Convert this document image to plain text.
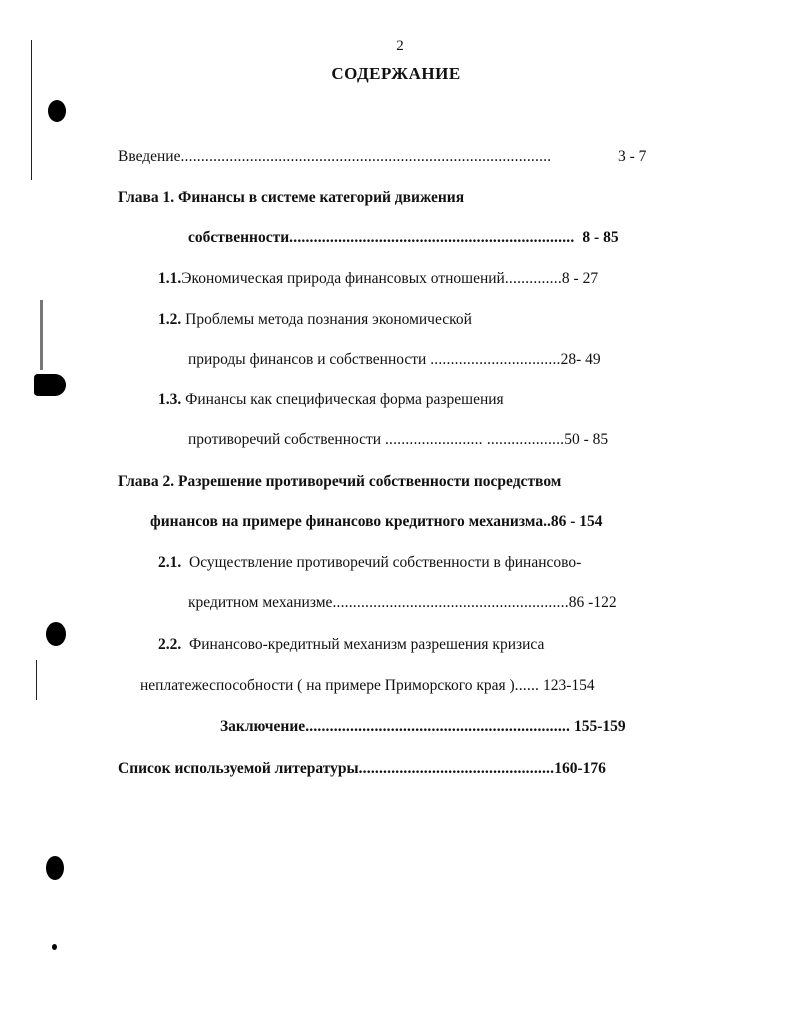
2
СОДЕРЖАНИЕ
Введение...........................................................................................	3 - 7
Глава 1. Финансы в системе категорий движения
собственности...................................................................... 8 - 85
1.1.Экономическая природа финансовых отношений..............8 - 27
1.2. Проблемы метода познания экономической
природы финансов и собственности ................................28- 49
1.3. Финансы как специфическая форма разрешения
противоречий собственности ........................ ...................50 - 85
Глава 2. Разрешение противоречий собственности посредством
финансов на примере финансово кредитного механизма..86 - 154
2.1. Осуществление противоречий собственности в финансово-
кредитном механизме..........................................................86 -122
2.2. Финансово-кредитный механизм разрешения кризиса
неплатежеспособности ( на примере Приморского края )...... 123-154
Заключение................................................................. 155-159
Список используемой литературы................................................160-176
